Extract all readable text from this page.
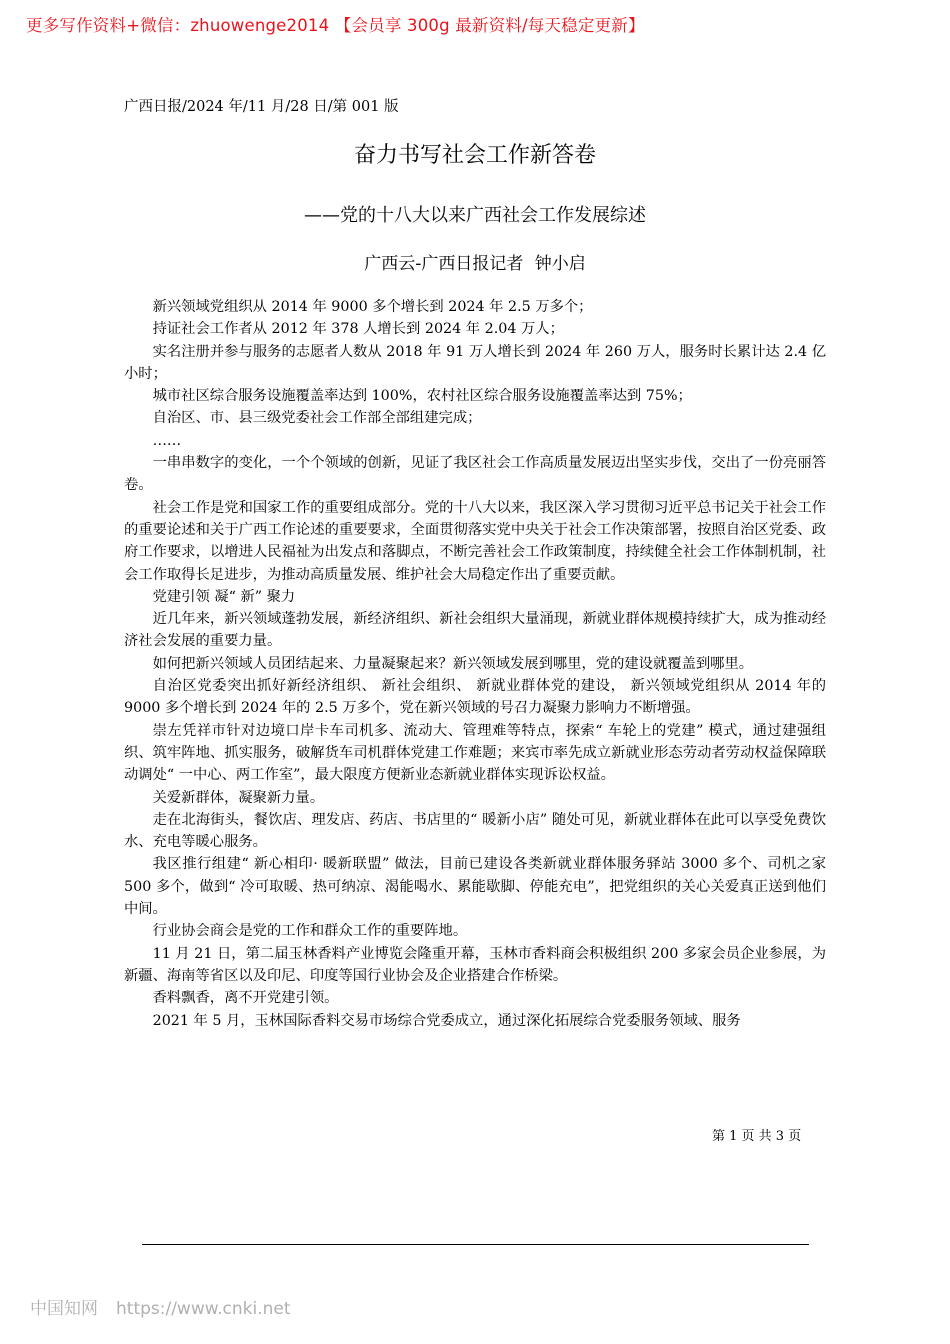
更多写作资料+微信：zhuowenge2014 【会员享 300g 最新资料/每天稳定更新】
广西日报/2024 年/11 月/28 日/第 001 版
奋力书写社会工作新答卷
——党的十八大以来广西社会工作发展综述
广西云-广西日报记者 钟小启

新兴领域党组织从 2014 年 9000 多个增长到 2024 年 2.5 万多个；

持证社会工作者从 2012 年 378 人增长到 2024 年 2.04 万人；

实名注册并参与服务的志愿者人数从 2018 年 91 万人增长到 2024 年 260 万人，服务时长累计达 2.4 亿小时；

城市社区综合服务设施覆盖率达到 100%，农村社区综合服务设施覆盖率达到 75%；

自治区、市、县三级党委社会工作部全部组建完成；

……

一串串数字的变化，一个个领域的创新，见证了我区社会工作高质量发展迈出坚实步伐，交出了一份亮丽答卷。

社会工作是党和国家工作的重要组成部分。党的十八大以来，我区深入学习贯彻习近平总书记关于社会工作的重要论述和关于广西工作论述的重要要求，全面贯彻落实党中央关于社会工作决策部署，按照自治区党委、政府工作要求，以增进人民福祉为出发点和落脚点，不断完善社会工作政策制度，持续健全社会工作体制机制，社会工作取得长足进步，为推动高质量发展、维护社会大局稳定作出了重要贡献。

党建引领 凝“ 新” 聚力

近几年来，新兴领域蓬勃发展，新经济组织、新社会组织大量涌现，新就业群体规模持续扩大，成为推动经济社会发展的重要力量。

如何把新兴领域人员团结起来、力量凝聚起来？新兴领域发展到哪里，党的建设就覆盖到哪里。

自治区党委突出抓好新经济组织、 新社会组织、 新就业群体党的建设， 新兴领域党组织从 2014 年的 9000 多个增长到 2024 年的 2.5 万多个，党在新兴领域的号召力凝聚力影响力不断增强。

崇左凭祥市针对边境口岸卡车司机多、流动大、管理难等特点，探索“ 车轮上的党建” 模式，通过建强组织、筑牢阵地、抓实服务，破解货车司机群体党建工作难题；来宾市率先成立新就业形态劳动者劳动权益保障联动调处“ 一中心、两工作室”，最大限度方便新业态新就业群体实现诉讼权益。

关爱新群体，凝聚新力量。

走在北海街头，餐饮店、理发店、药店、书店里的“ 暖新小店” 随处可见，新就业群体在此可以享受免费饮水、充电等暖心服务。

我区推行组建“ 新心相印· 暖新联盟” 做法，目前已建设各类新就业群体服务驿站 3000 多个、司机之家 500 多个，做到“ 冷可取暖、热可纳凉、渴能喝水、累能歇脚、停能充电”，把党组织的关心关爱真正送到他们中间。

行业协会商会是党的工作和群众工作的重要阵地。

11 月 21 日，第二届玉林香料产业博览会隆重开幕，玉林市香料商会积极组织 200 多家会员企业参展，为新疆、海南等省区以及印尼、印度等国行业协会及企业搭建合作桥梁。

香料飘香，离不开党建引领。

2021 年 5 月，玉林国际香料交易市场综合党委成立，通过深化拓展综合党委服务领域、服务

第 1 页 共 3 页
中国知网 https://www.cnki.net
